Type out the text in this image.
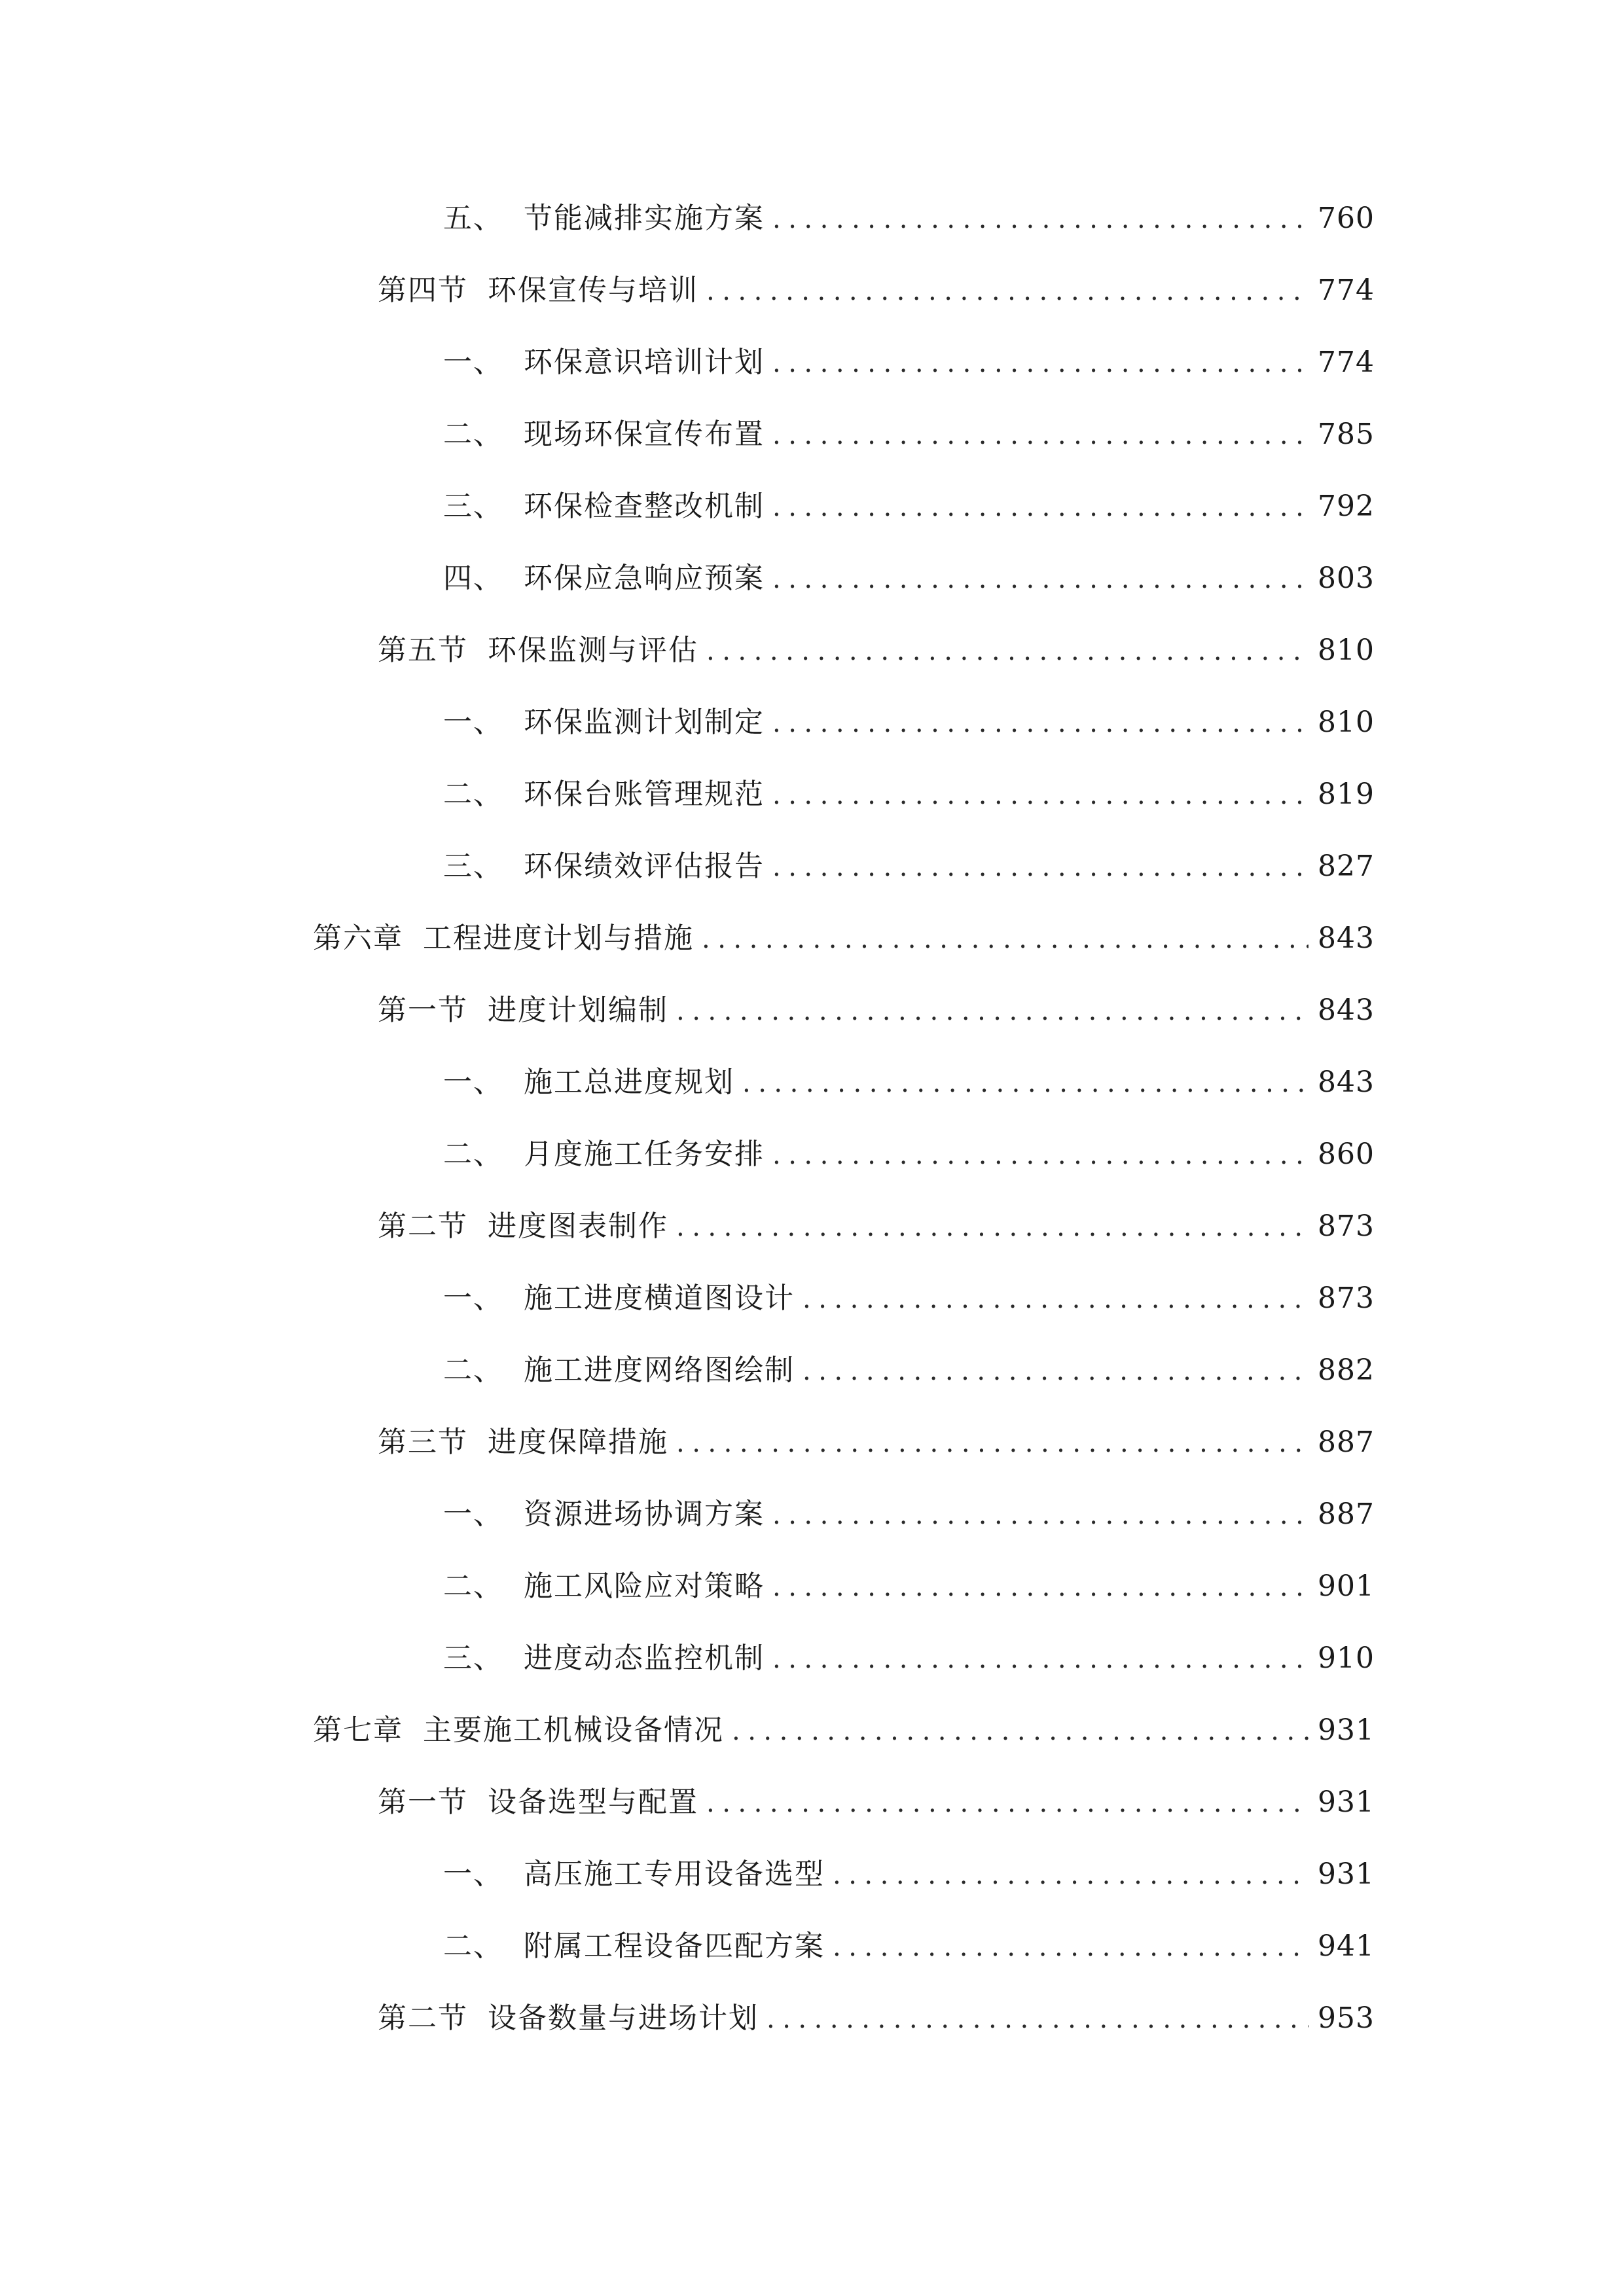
五、 节能减排实施方案 .....	760
第四节 环保宣传与培训 .....	774
一、 环保意识培训计划 .....	774
二、 现场环保宣传布置 .....	785
三、 环保检查整改机制 .....	792
四、 环保应急响应预案 .....	803
第五节 环保监测与评估 .....	810
一、 环保监测计划制定 .....	810
二、 环保台账管理规范 .....	819
三、 环保绩效评估报告 .....	827
第六章 工程进度计划与措施 .....	843
第一节 进度计划编制 .....	843
一、 施工总进度规划 .....	843
二、 月度施工任务安排 .....	860
第二节 进度图表制作 .....	873
一、 施工进度横道图设计 .....	873
二、 施工进度网络图绘制 .....	882
第三节 进度保障措施 .....	887
一、 资源进场协调方案 .....	887
二、 施工风险应对策略 .....	901
三、 进度动态监控机制 .....	910
第七章 主要施工机械设备情况 .....	931
第一节 设备选型与配置 .....	931
一、 高压施工专用设备选型 .....	931
二、 附属工程设备匹配方案 .....	941
第二节 设备数量与进场计划 .....	953
